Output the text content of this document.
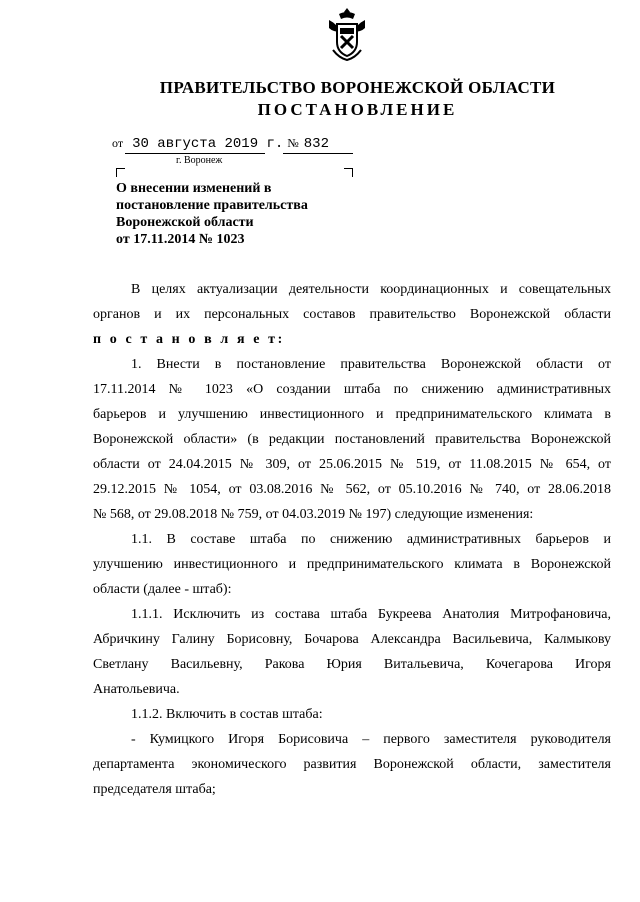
ПРАВИТЕЛЬСТВО ВОРОНЕЖСКОЙ ОБЛАСТИ
ПОСТАНОВЛЕНИЕ
от 30 августа 2019 г. № 832
г. Воронеж
О внесении изменений в
постановление правительства
Воронежской области
от 17.11.2014 № 1023
В целях актуализации деятельности координационных и совещательных
органов и их персональных составов правительство Воронежской области
п о с т а н о в л я е т:
1. Внести в постановление правительства Воронежской области от
17.11.2014 № 1023 «О создании штаба по снижению административных
барьеров и улучшению инвестиционного и предпринимательского климата в
Воронежской области» (в редакции постановлений правительства Воронежской
области от 24.04.2015 № 309, от 25.06.2015 № 519, от 11.08.2015 № 654, от
29.12.2015 № 1054, от 03.08.2016 № 562, от 05.10.2016 № 740, от 28.06.2018
№ 568, от 29.08.2018 № 759, от 04.03.2019 № 197) следующие изменения:
1.1. В составе штаба по снижению административных барьеров и
улучшению инвестиционного и предпринимательского климата в Воронежской
области (далее - штаб):
1.1.1. Исключить из состава штаба Букреева Анатолия Митрофановича,
Абричкину Галину Борисовну, Бочарова Александра Васильевича, Калмыкову
Светлану Васильевну, Ракова Юрия Витальевича, Кочегарова Игоря
Анатольевича.
1.1.2. Включить в состав штаба:
- Кумицкого Игоря Борисовича – первого заместителя руководителя
департамента экономического развития Воронежской области, заместителя
председателя штаба;
